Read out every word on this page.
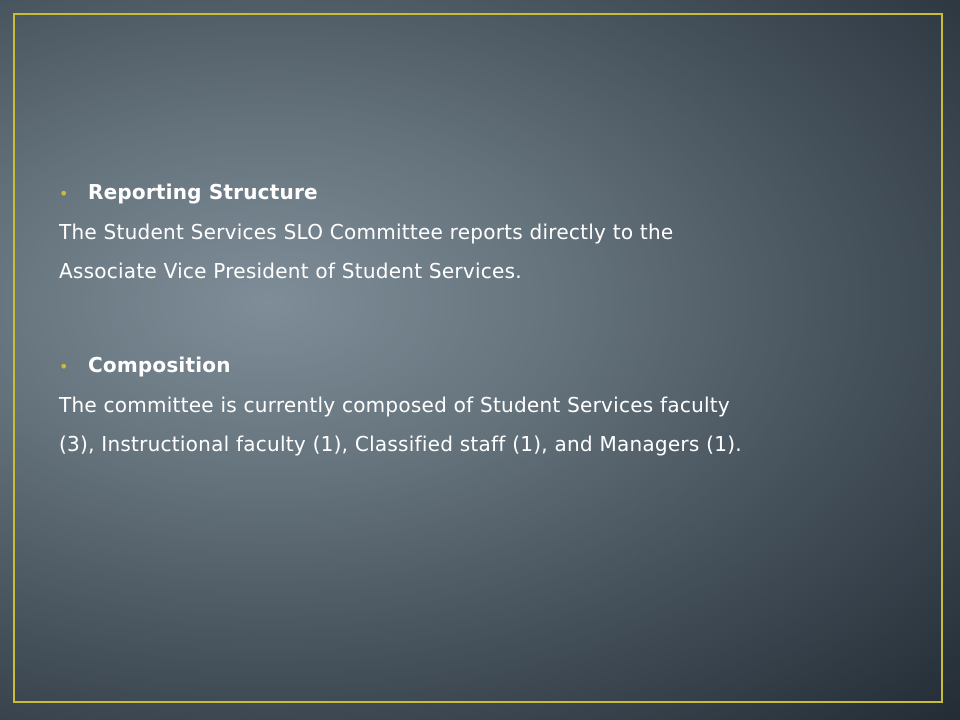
• Reporting Structure
The Student Services SLO Committee reports directly to the
Associate Vice President of Student Services.
• Composition
The committee is currently composed of Student Services faculty
(3), Instructional faculty (1), Classified staff (1), and Managers (1).
